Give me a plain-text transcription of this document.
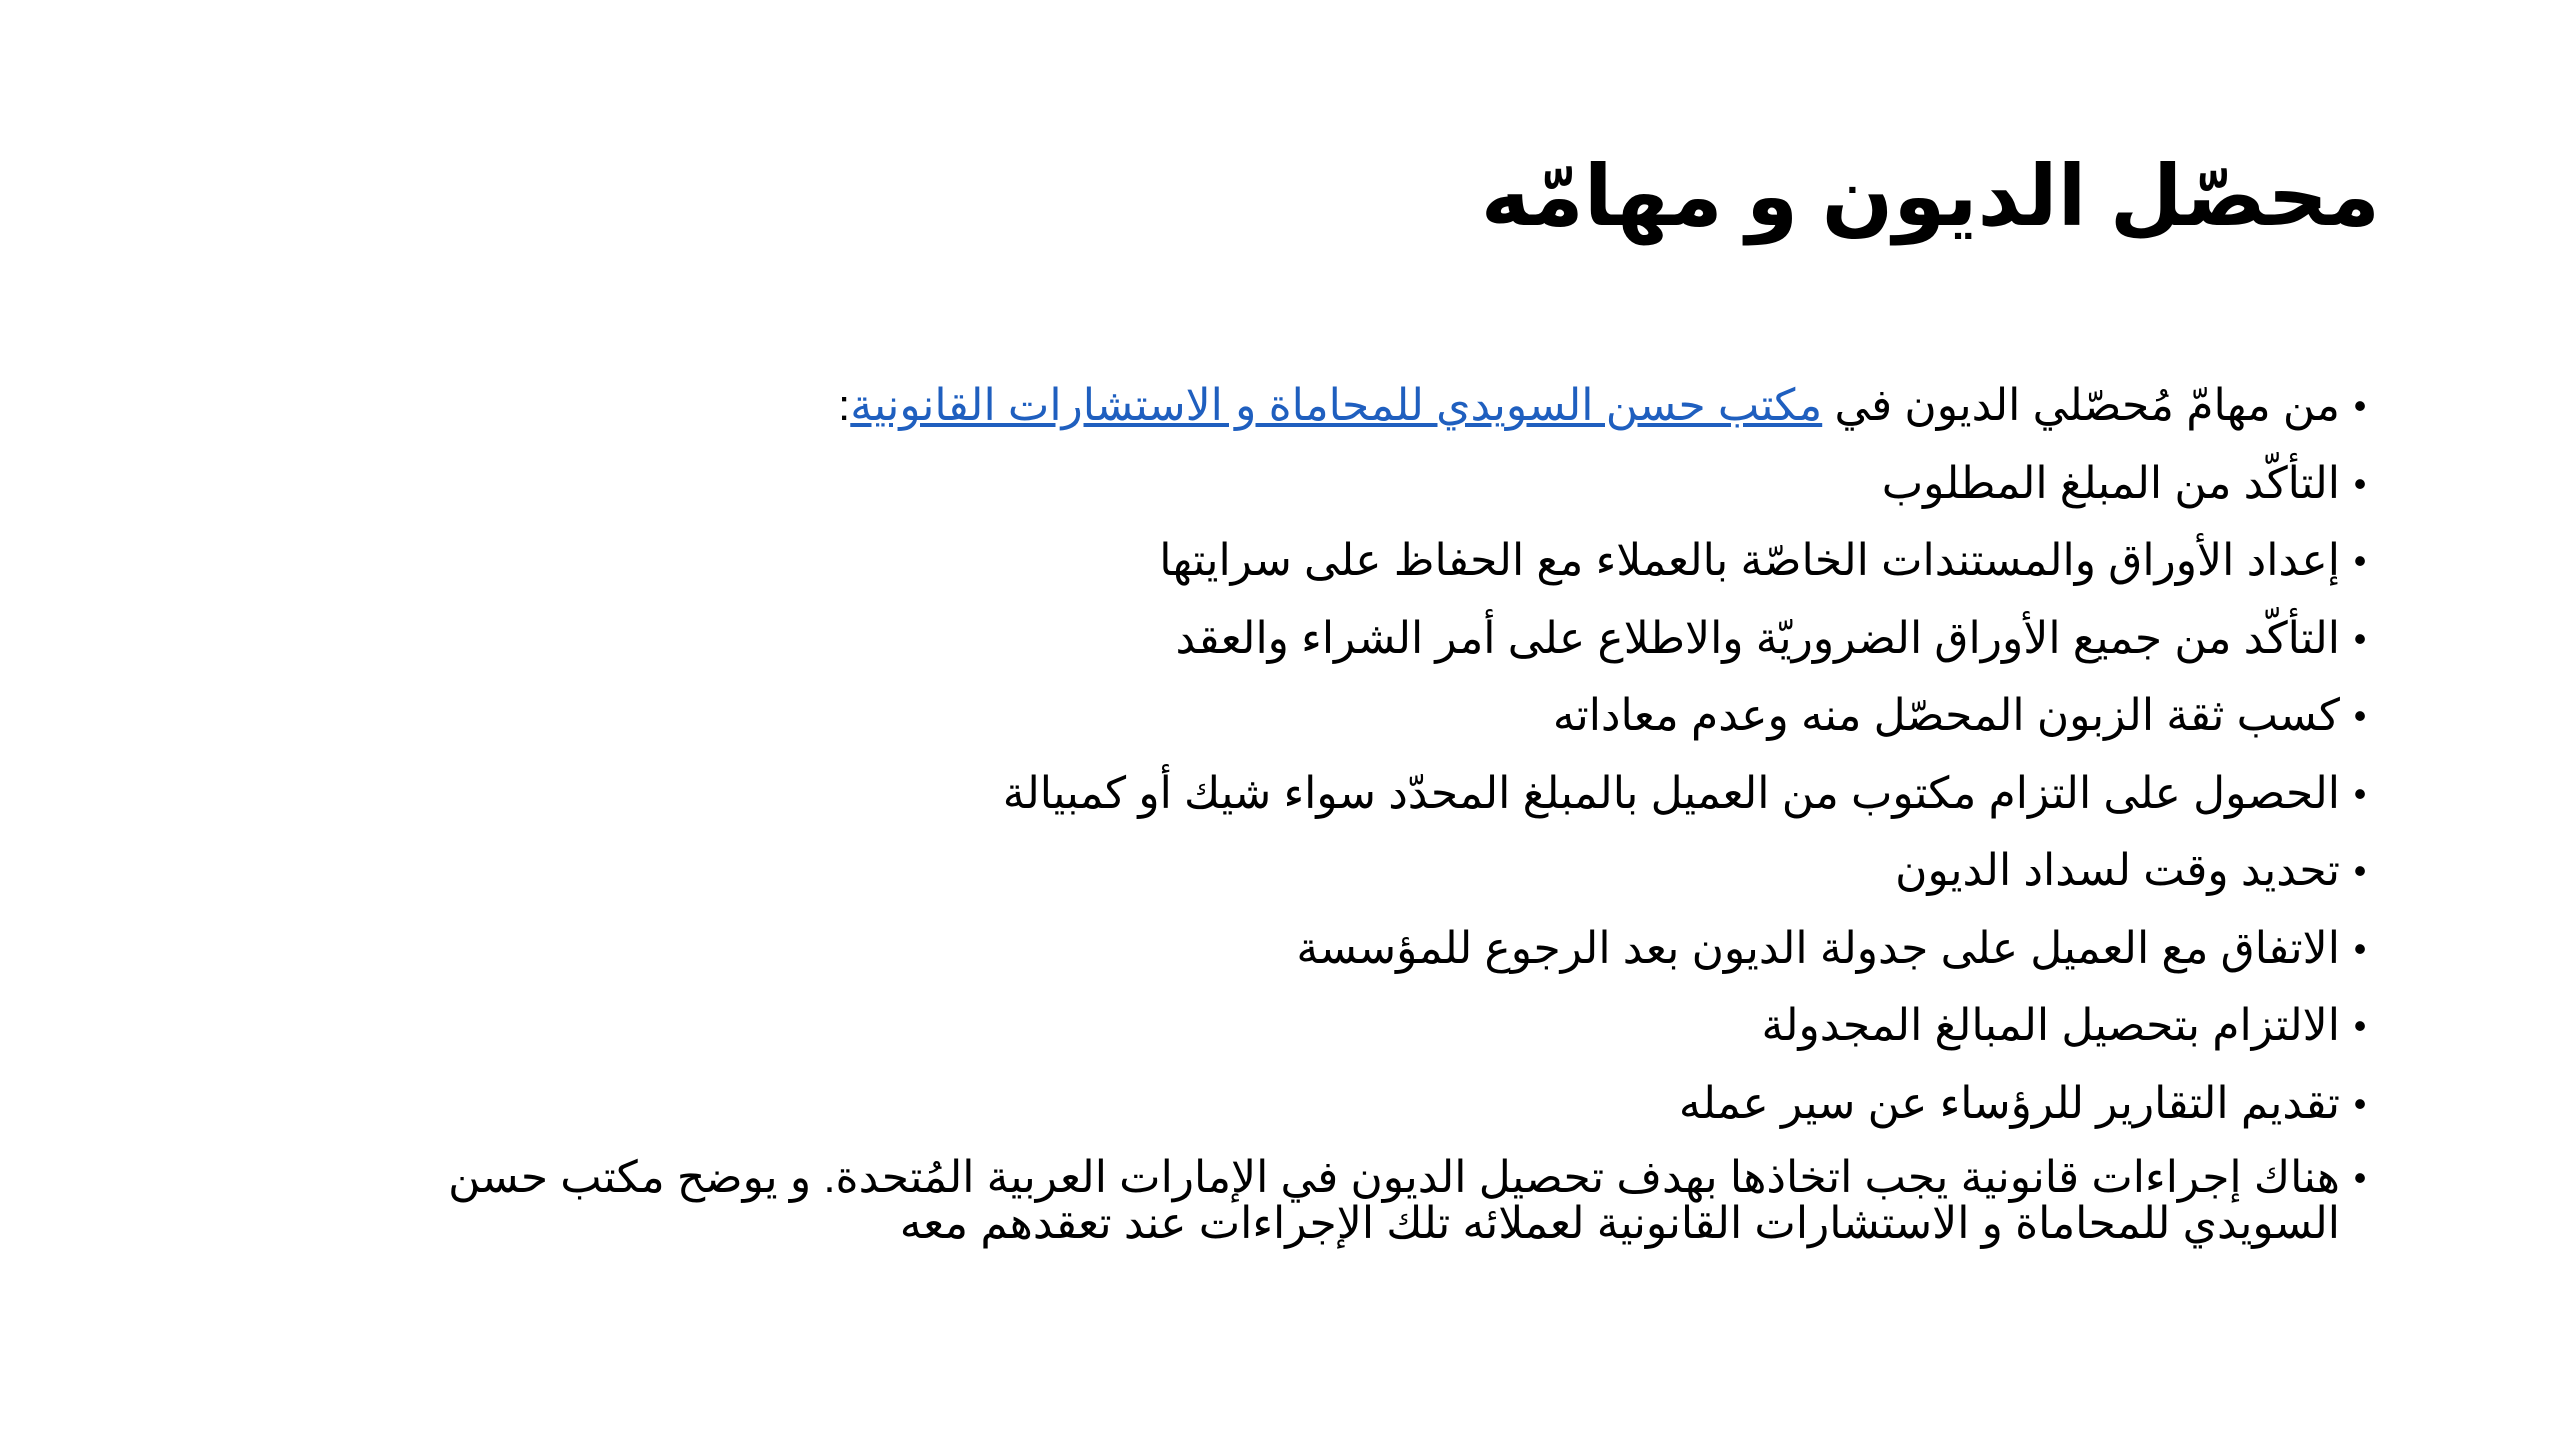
محصّل الديون و مهامّه
•
من مهامّ مُحصّلي الديون في مكتب حسن السويدي للمحاماة و الاستشارات القانونية:
•
التأكّد من المبلغ المطلوب
•
إعداد الأوراق والمستندات الخاصّة بالعملاء مع الحفاظ على سرايتها
•
التأكّد من جميع الأوراق الضروريّة والاطلاع على أمر الشراء والعقد
•
كسب ثقة الزبون المحصّل منه وعدم معاداته
•
الحصول على التزام مكتوب من العميل بالمبلغ المحدّد سواء شيك أو كمبيالة
•
تحديد وقت لسداد الديون
•
الاتفاق مع العميل على جدولة الديون بعد الرجوع للمؤسسة
•
الالتزام بتحصيل المبالغ المجدولة
•
تقديم التقارير للرؤساء عن سير عمله
•
هناك إجراءات قانونية يجب اتخاذها بهدف تحصيل الديون في الإمارات العربية المُتحدة. و يوضح مكتب حسن السويدي للمحاماة و الاستشارات القانونية لعملائه تلك الإجراءات عند تعقدهم معه
